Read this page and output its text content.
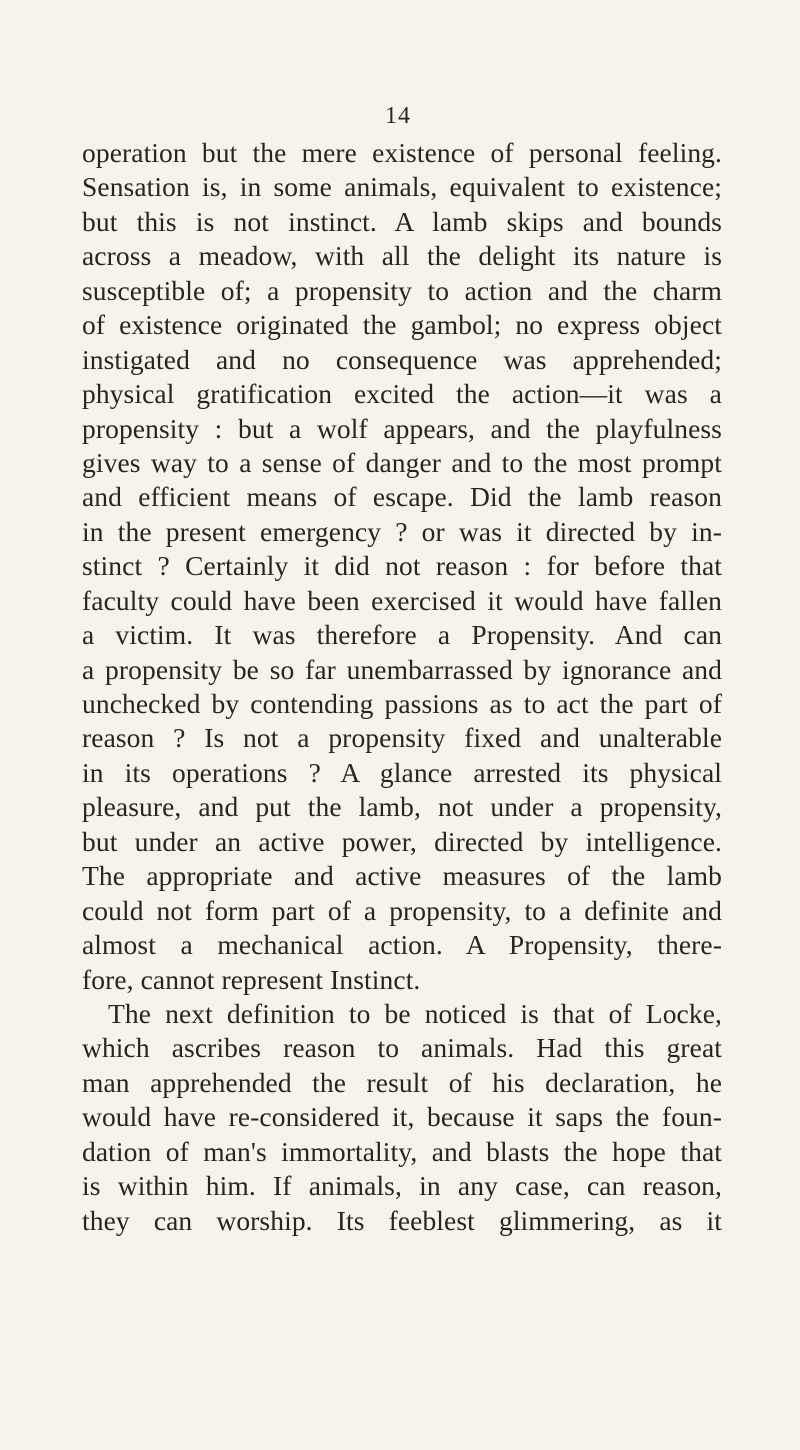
14
operation but the mere existence of personal feeling.
Sensation is, in some animals, equivalent to existence;
but this is not instinct. A lamb skips and bounds
across a meadow, with all the delight its nature is
susceptible of; a propensity to action and the charm
of existence originated the gambol; no express object
instigated and no consequence was apprehended;
physical gratification excited the action—it was a
propensity : but a wolf appears, and the playfulness
gives way to a sense of danger and to the most prompt
and efficient means of escape. Did the lamb reason
in the present emergency ? or was it directed by in-
stinct ? Certainly it did not reason : for before that
faculty could have been exercised it would have fallen
a victim. It was therefore a Propensity. And can
a propensity be so far unembarrassed by ignorance and
unchecked by contending passions as to act the part of
reason ? Is not a propensity fixed and unalterable
in its operations ? A glance arrested its physical
pleasure, and put the lamb, not under a propensity,
but under an active power, directed by intelligence.
The appropriate and active measures of the lamb
could not form part of a propensity, to a definite and
almost a mechanical action. A Propensity, there-
fore, cannot represent Instinct.
The next definition to be noticed is that of Locke,
which ascribes reason to animals. Had this great
man apprehended the result of his declaration, he
would have re-considered it, because it saps the foun-
dation of man's immortality, and blasts the hope that
is within him. If animals, in any case, can reason,
they can worship. Its feeblest glimmering, as it
